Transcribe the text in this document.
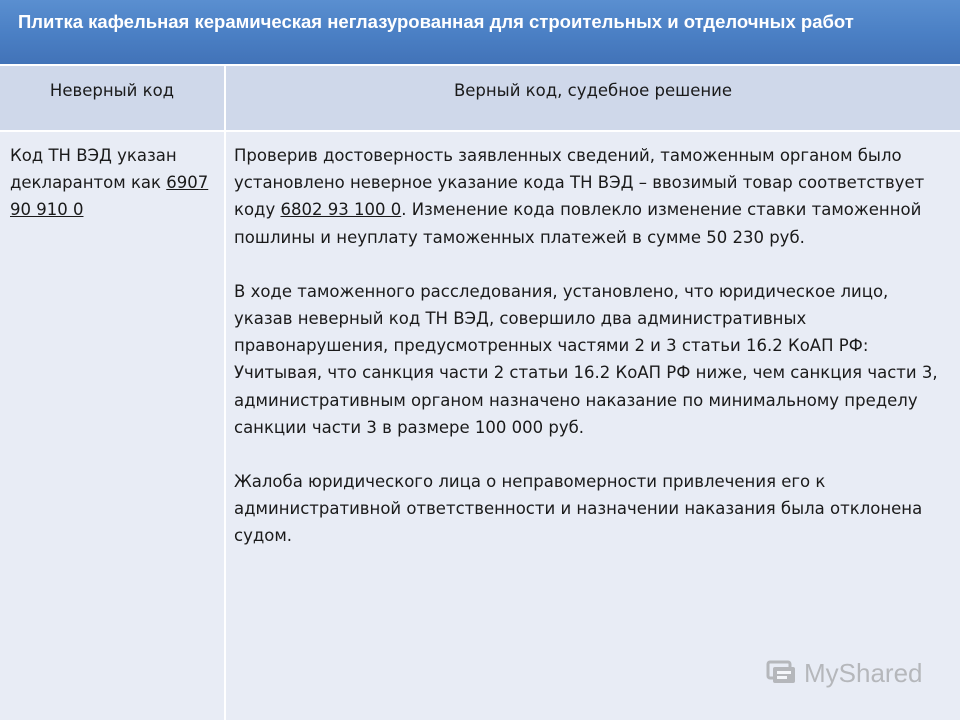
Плитка кафельная керамическая неглазурованная для строительных и отделочных работ
Неверный код	Верный код, судебное решение
Код ТН ВЭД указан декларантом как 6907 90 910 0

Проверив достоверность заявленных сведений, таможенным органом было установлено неверное указание кода ТН ВЭД – ввозимый товар соответствует коду 6802 93 100 0. Изменение кода повлекло изменение ставки таможенной пошлины и неуплату таможенных платежей в сумме 50 230 руб.

В ходе таможенного расследования, установлено, что юридическое лицо, указав неверный код ТН ВЭД, совершило два административных правонарушения, предусмотренных частями 2 и 3 статьи 16.2 КоАП РФ:

Учитывая, что санкция части 2 статьи 16.2 КоАП РФ ниже, чем санкция части 3, административным органом назначено наказание по минимальному пределу санкции части 3 в размере 100 000 руб.

Жалоба юридического лица о неправомерности привлечения его к административной ответственности и назначении наказания была отклонена судом.

MyShared
